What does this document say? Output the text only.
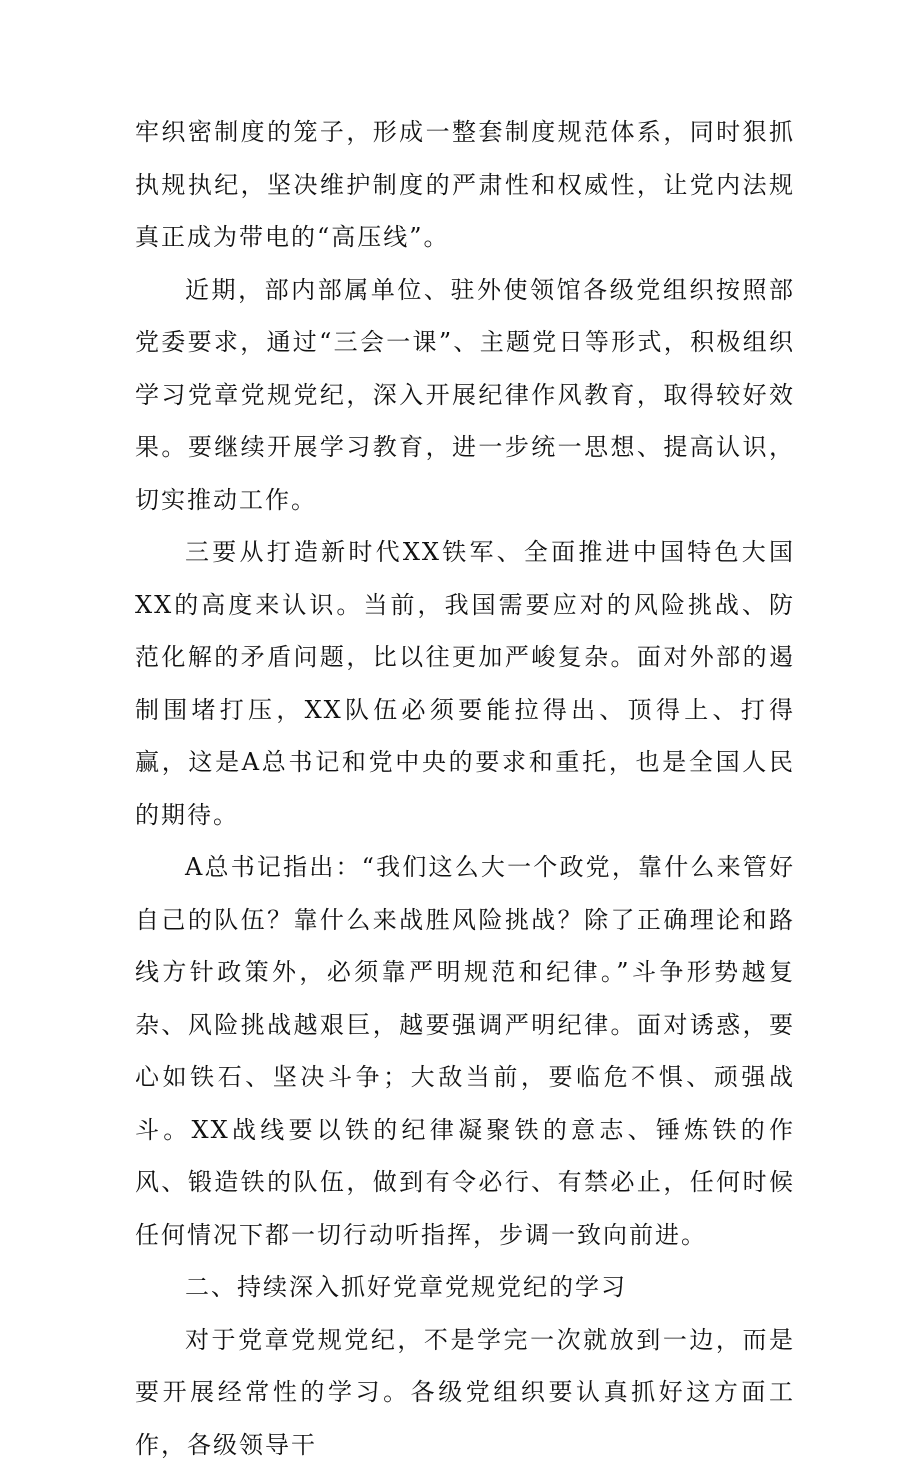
牢织密制度的笼子，形成一整套制度规范体系，同时狠抓执规执纪，坚决维护制度的严肃性和权威性，让党内法规真正成为带电的“高压线”。

近期，部内部属单位、驻外使领馆各级党组织按照部党委要求，通过“三会一课”、主题党日等形式，积极组织学习党章党规党纪，深入开展纪律作风教育，取得较好效果。要继续开展学习教育，进一步统一思想、提高认识，切实推动工作。

三要从打造新时代XX铁军、全面推进中国特色大国XX的高度来认识。当前，我国需要应对的风险挑战、防范化解的矛盾问题，比以往更加严峻复杂。面对外部的遏制围堵打压，XX队伍必须要能拉得出、顶得上、打得赢，这是A总书记和党中央的要求和重托，也是全国人民的期待。

A总书记指出：“我们这么大一个政党，靠什么来管好自己的队伍？靠什么来战胜风险挑战？除了正确理论和路线方针政策外，必须靠严明规范和纪律。”斗争形势越复杂、风险挑战越艰巨，越要强调严明纪律。面对诱惑，要心如铁石、坚决斗争；大敌当前，要临危不惧、顽强战斗。XX战线要以铁的纪律凝聚铁的意志、锤炼铁的作风、锻造铁的队伍，做到有令必行、有禁必止，任何时候任何情况下都一切行动听指挥，步调一致向前进。

二、持续深入抓好党章党规党纪的学习

对于党章党规党纪，不是学完一次就放到一边，而是要开展经常性的学习。各级党组织要认真抓好这方面工作，各级领导干
